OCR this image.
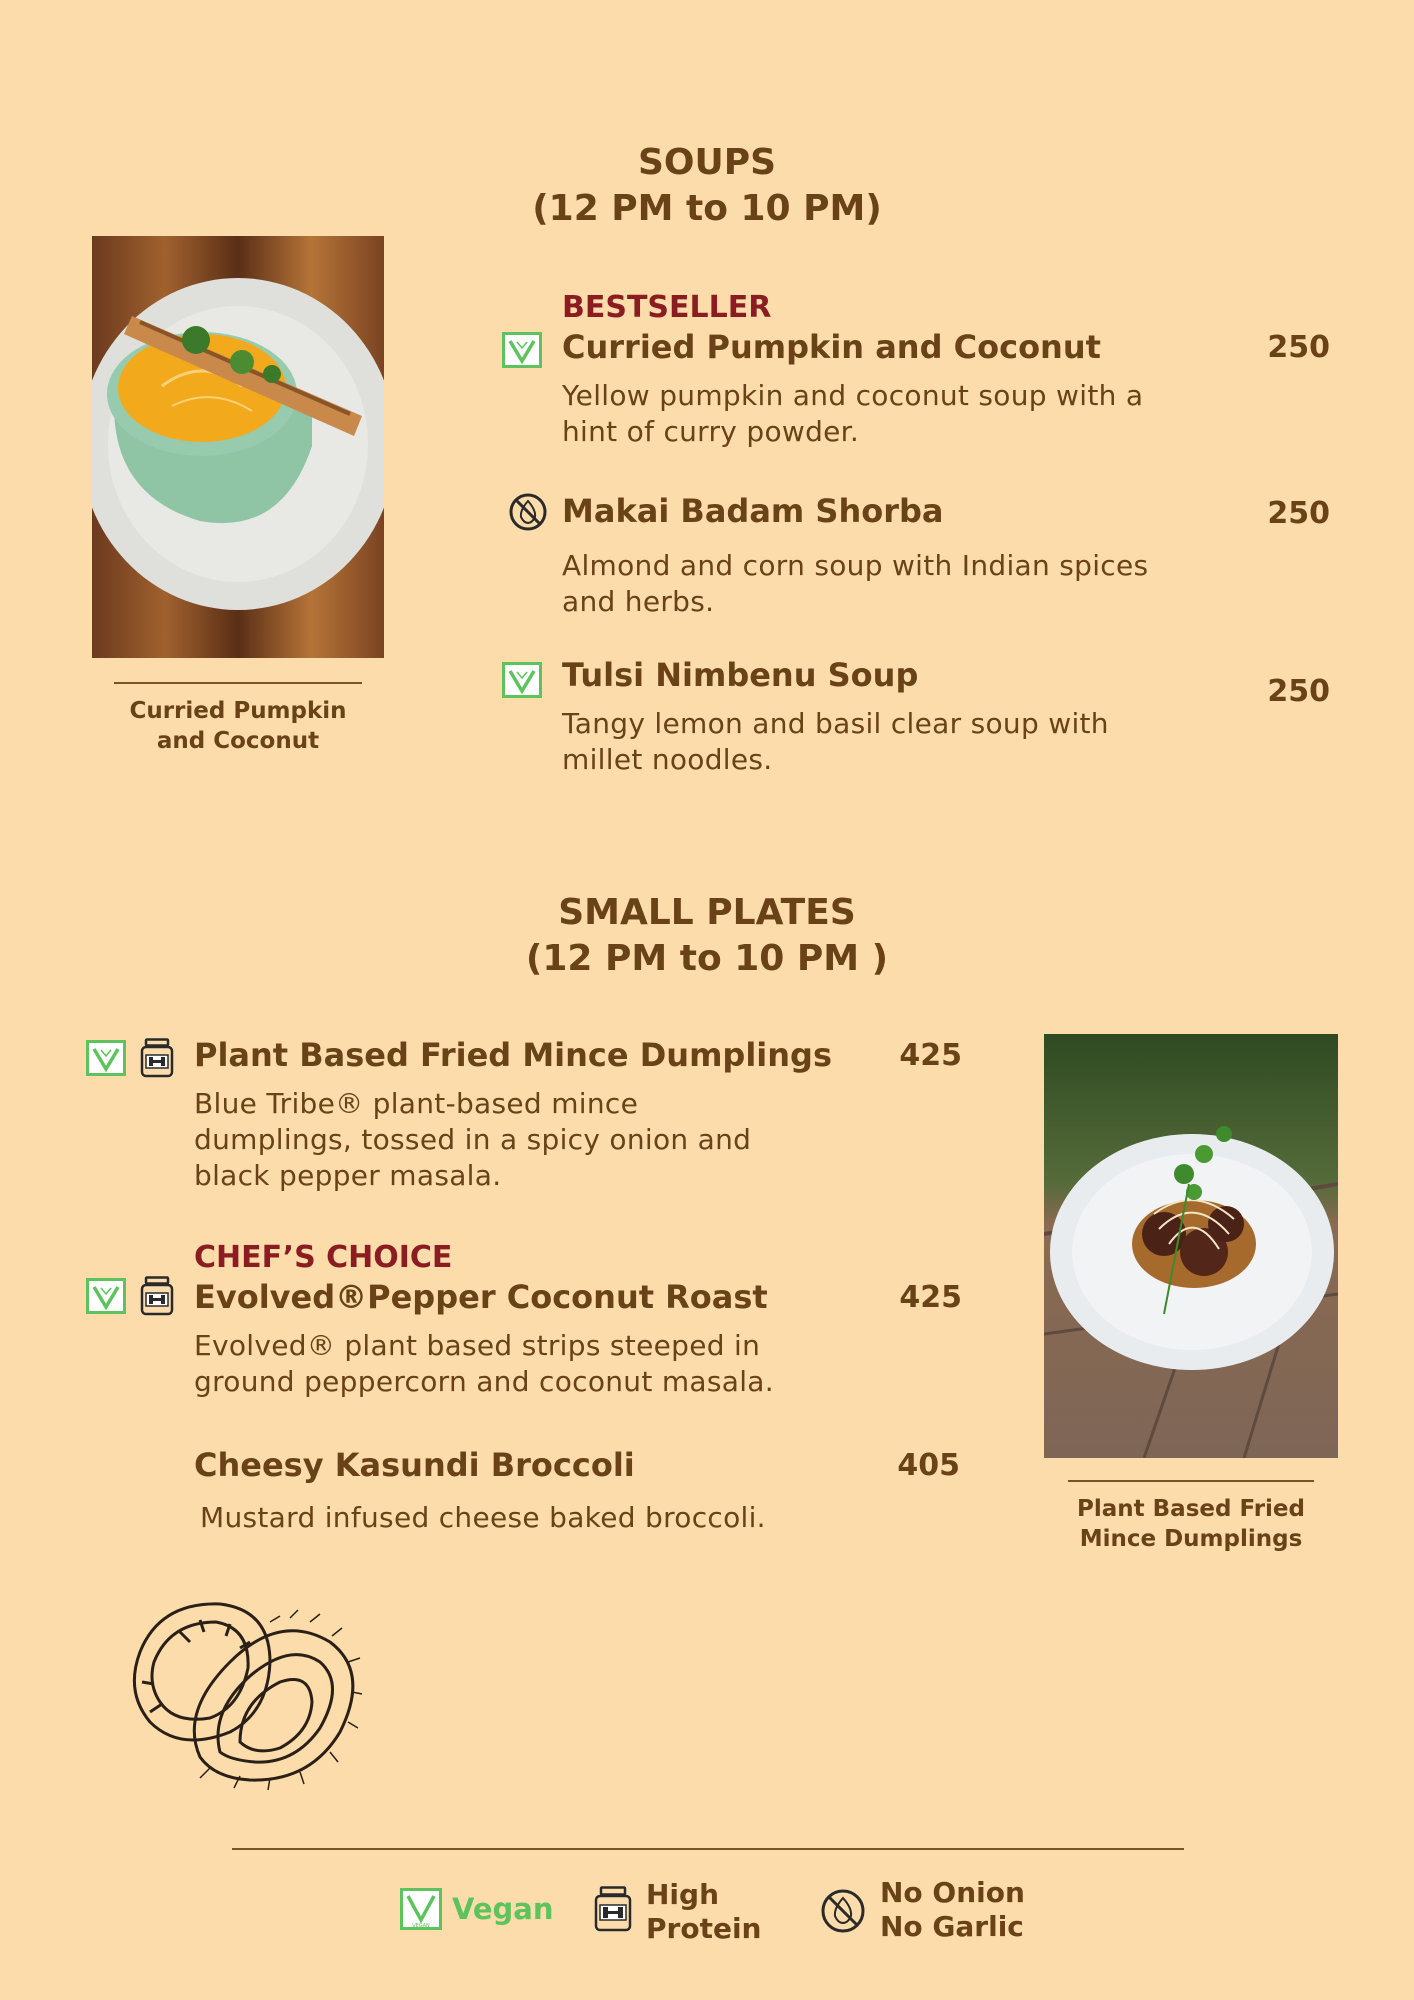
SOUPS
(12 PM to 10 PM)
Curried Pumpkin
and Coconut
BESTSELLER
Curried Pumpkin and Coconut	250
Yellow pumpkin and coconut soup with a
hint of curry powder.
Makai Badam Shorba	250
Almond and corn soup with Indian spices
and herbs.
Tulsi Nimbenu Soup	250
Tangy lemon and basil clear soup with
millet noodles.
SMALL PLATES
(12 PM to 10 PM )
Plant Based Fried Mince Dumplings	425
Blue Tribe® plant-based mince
dumplings, tossed in a spicy onion and
black pepper masala.
CHEF’S CHOICE
Evolved®Pepper Coconut Roast	425
Evolved® plant based strips steeped in
ground peppercorn and coconut masala.
Cheesy Kasundi Broccoli	405
Mustard infused cheese baked broccoli.	Plant Based Fried
Mince Dumplings
VEGAN Vegan	High
Protein
No Onion
No Garlic
